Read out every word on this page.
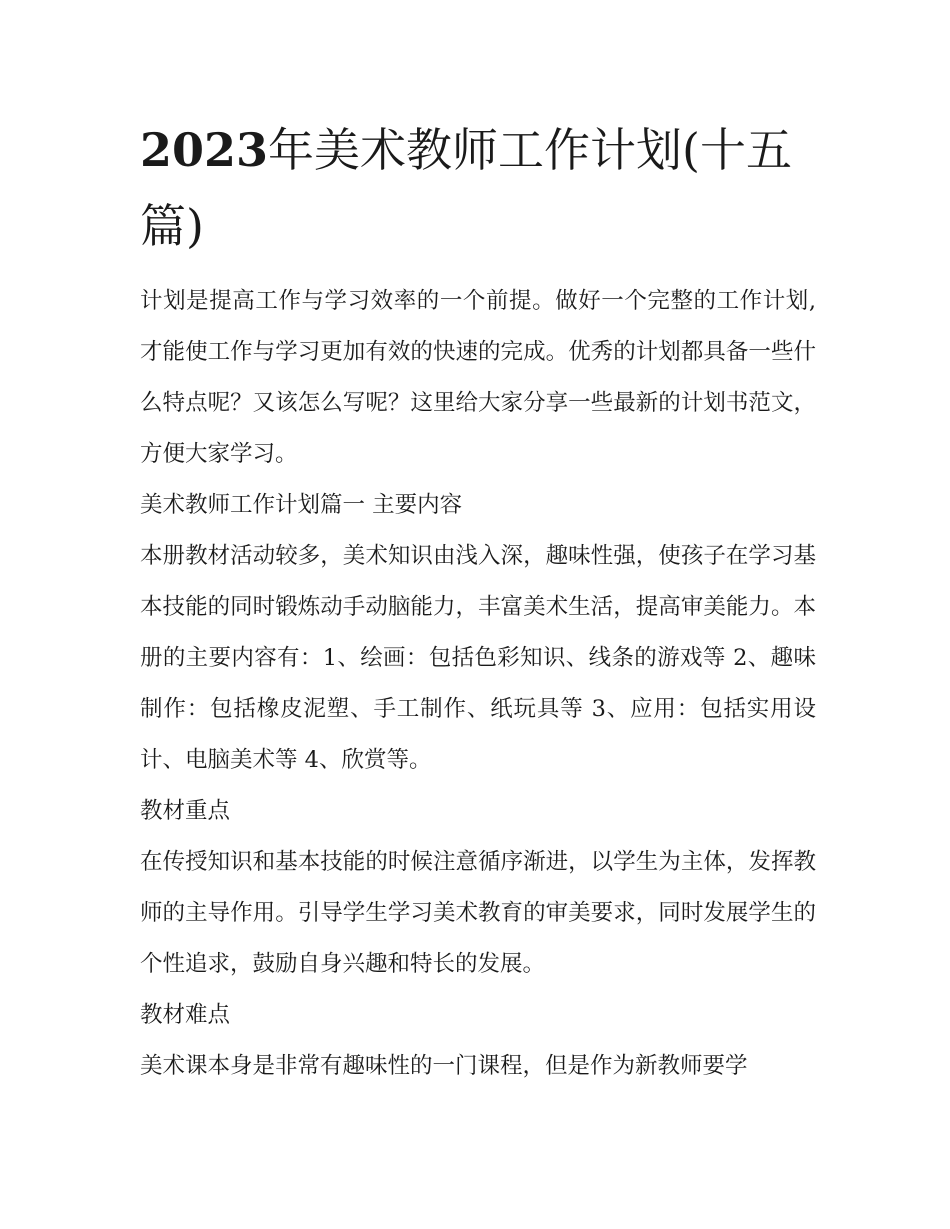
2023年美术教师工作计划(十五篇)

计划是提高工作与学习效率的一个前提。做好一个完整的工作计划,才能使工作与学习更加有效的快速的完成。优秀的计划都具备一些什么特点呢？又该怎么写呢？这里给大家分享一些最新的计划书范文，方便大家学习。

美术教师工作计划篇一 主要内容

本册教材活动较多，美术知识由浅入深，趣味性强，使孩子在学习基本技能的同时锻炼动手动脑能力，丰富美术生活，提高审美能力。本册的主要内容有：1、绘画：包括色彩知识、线条的游戏等 2、趣味制作：包括橡皮泥塑、手工制作、纸玩具等 3、应用：包括实用设计、电脑美术等 4、欣赏等。

教材重点

在传授知识和基本技能的时候注意循序渐进，以学生为主体，发挥教师的主导作用。引导学生学习美术教育的审美要求，同时发展学生的个性追求，鼓励自身兴趣和特长的发展。

教材难点

美术课本身是非常有趣味性的一门课程，但是作为新教师要学
